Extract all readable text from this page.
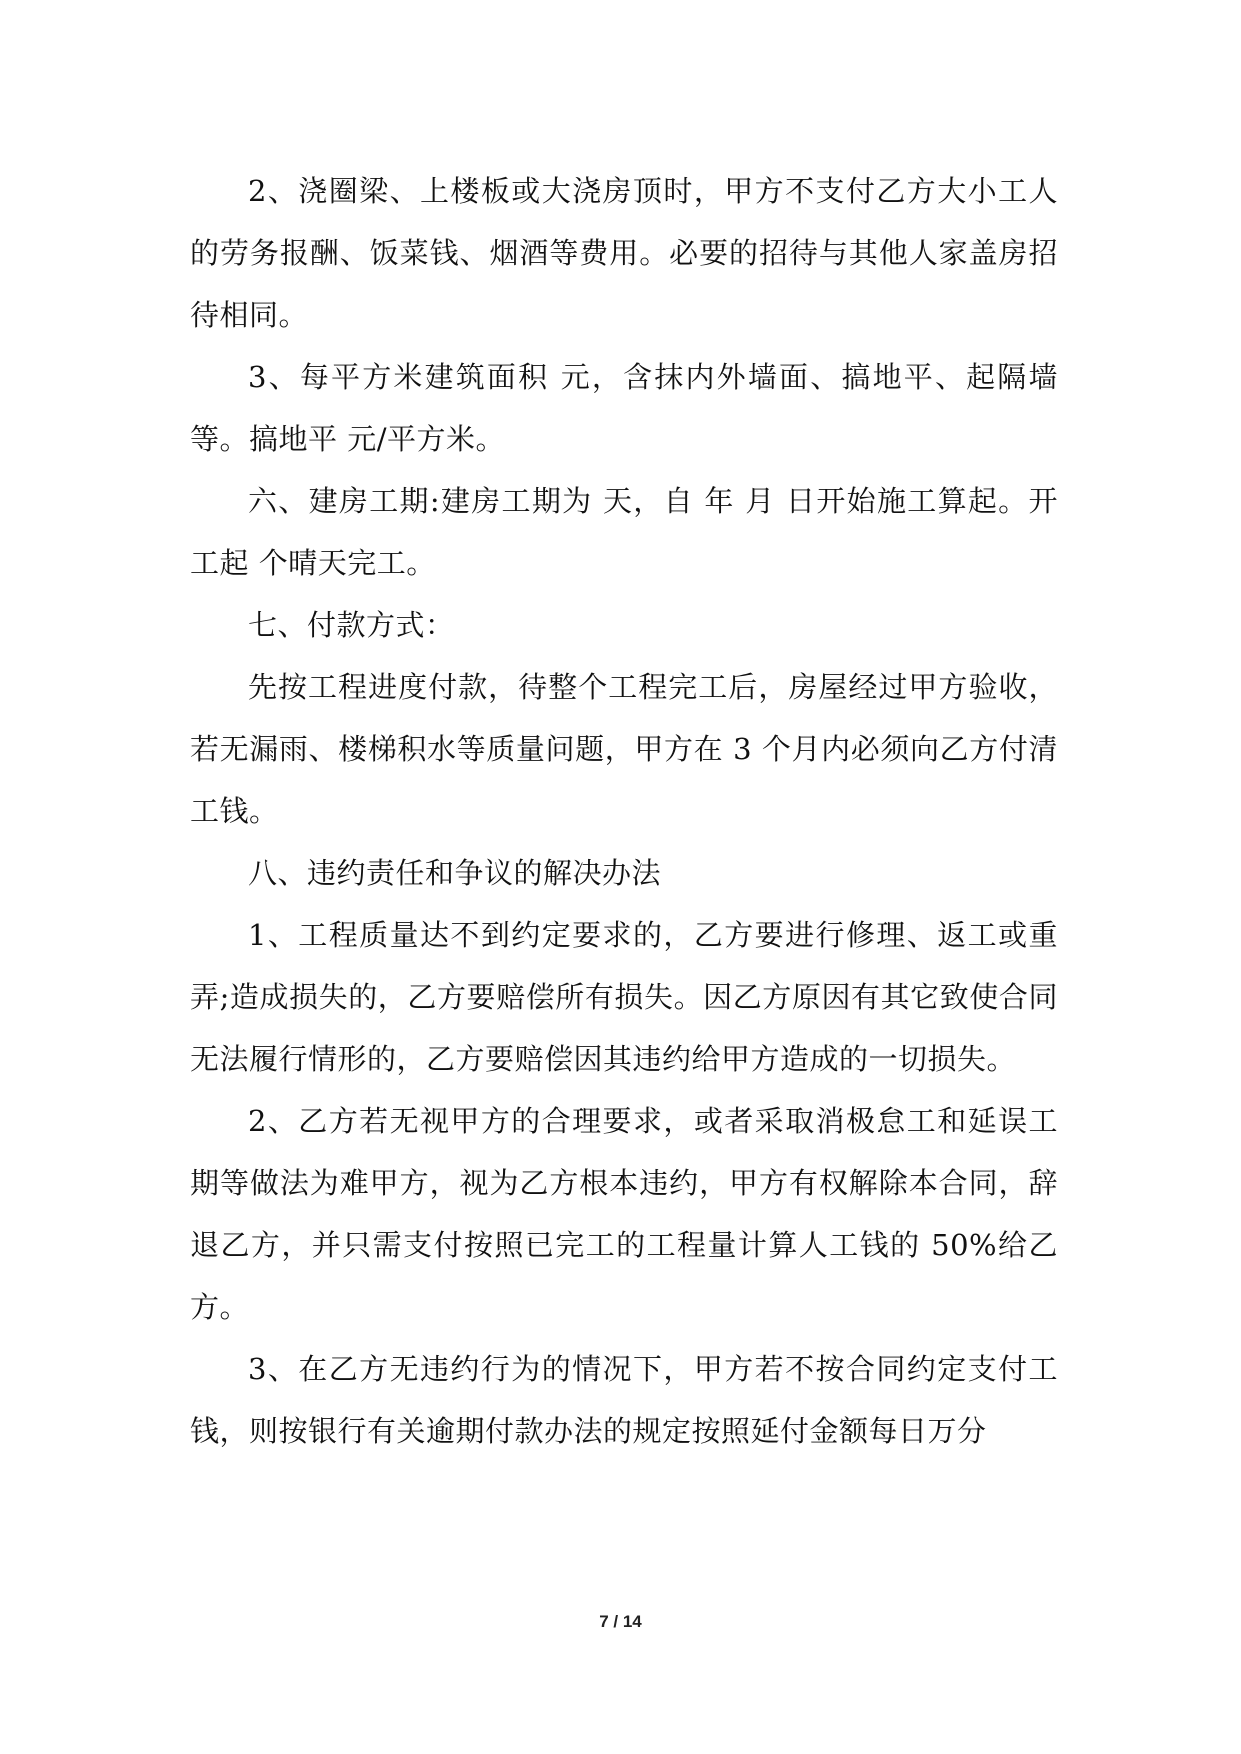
2、浇圈梁、上楼板或大浇房顶时，甲方不支付乙方大小工人的劳务报酬、饭菜钱、烟酒等费用。必要的招待与其他人家盖房招待相同。

3、每平方米建筑面积 元，含抹内外墙面、搞地平、起隔墙等。搞地平 元/平方米。

六、建房工期:建房工期为 天，自 年 月 日开始施工算起。开工起 个晴天完工。

七、付款方式：

先按工程进度付款，待整个工程完工后，房屋经过甲方验收，若无漏雨、楼梯积水等质量问题，甲方在 3 个月内必须向乙方付清工钱。

八、违约责任和争议的解决办法

1、工程质量达不到约定要求的，乙方要进行修理、返工或重弄;造成损失的，乙方要赔偿所有损失。因乙方原因有其它致使合同无法履行情形的，乙方要赔偿因其违约给甲方造成的一切损失。

2、乙方若无视甲方的合理要求，或者采取消极怠工和延误工期等做法为难甲方，视为乙方根本违约，甲方有权解除本合同，辞退乙方，并只需支付按照已完工的工程量计算人工钱的 50%给乙方。

3、在乙方无违约行为的情况下，甲方若不按合同约定支付工钱，则按银行有关逾期付款办法的规定按照延付金额每日万分

7 / 14
